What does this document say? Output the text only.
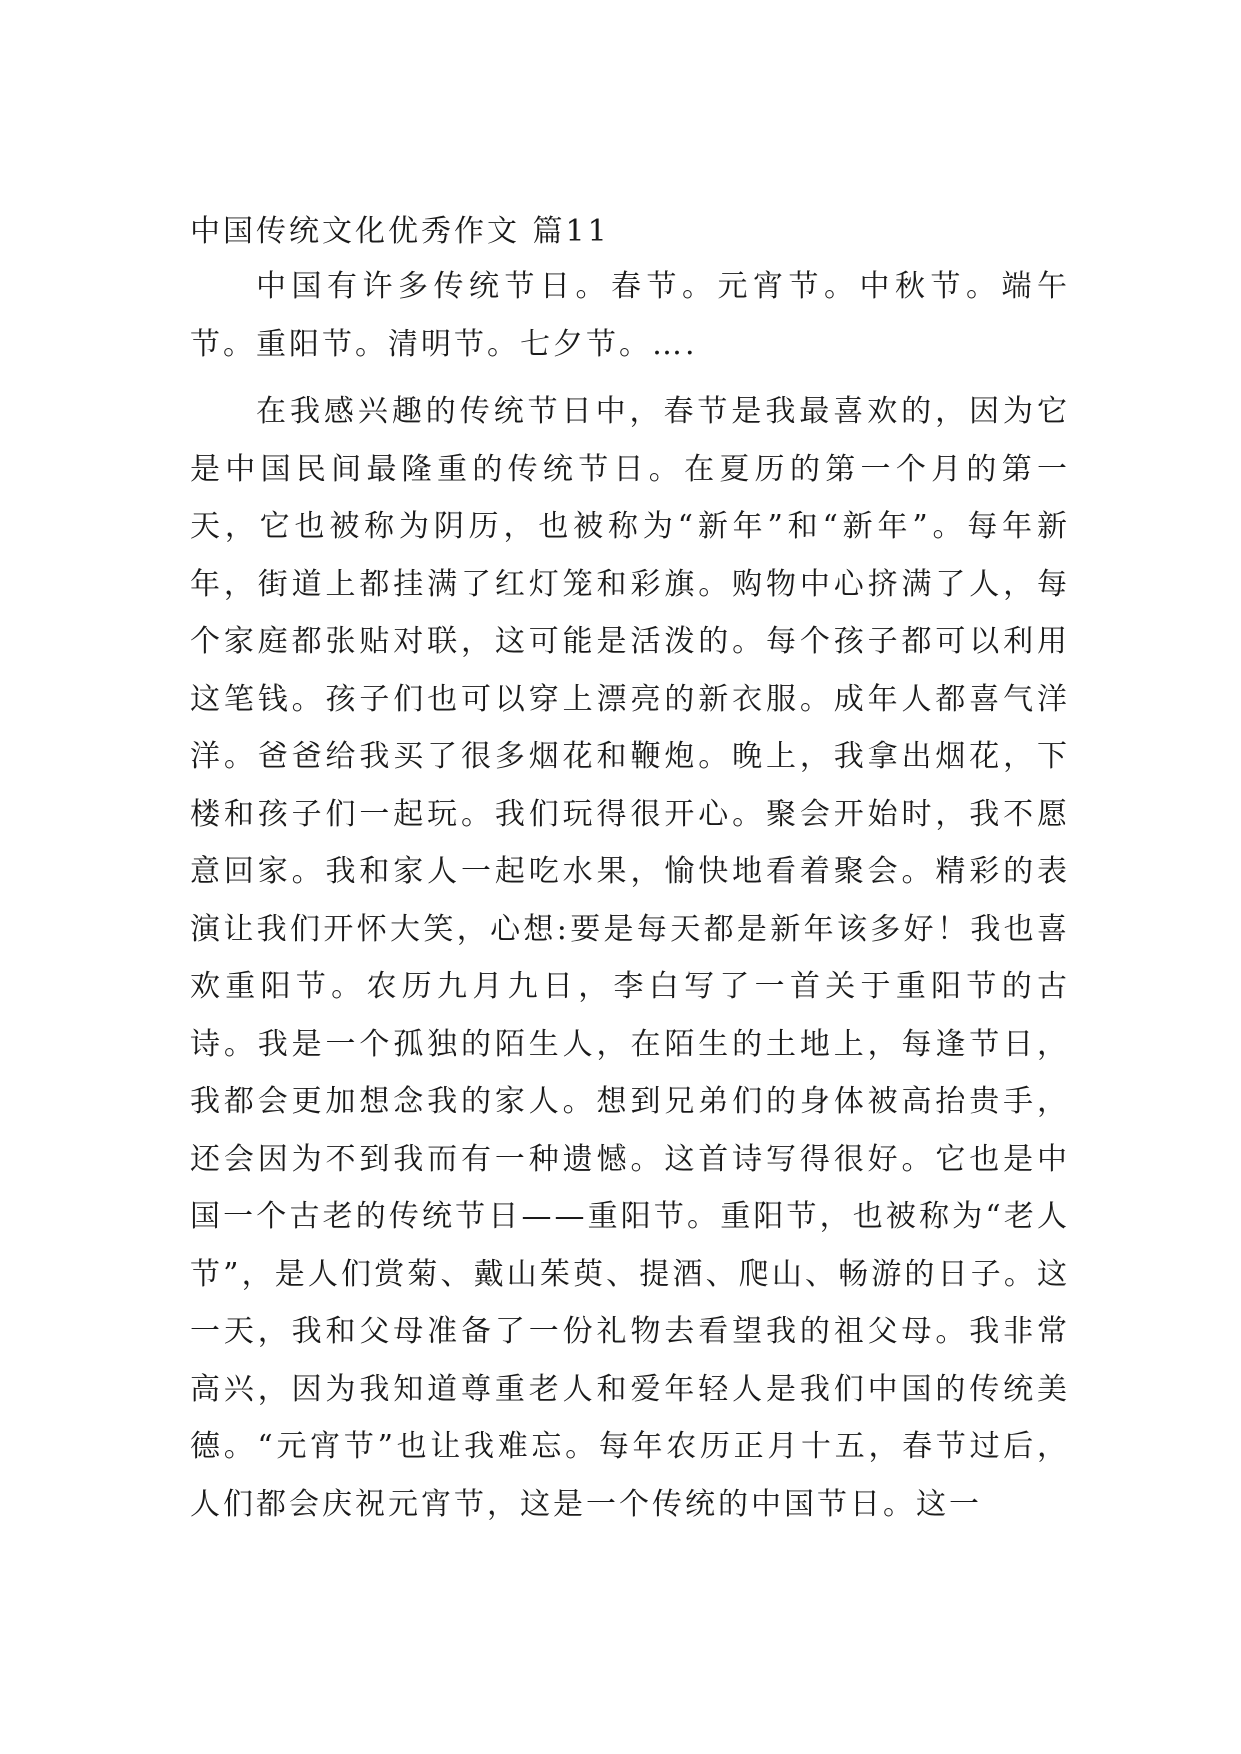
中国传统文化优秀作文 篇11

中国有许多传统节日。春节。元宵节。中秋节。端午节。重阳节。清明节。七夕节。….

在我感兴趣的传统节日中，春节是我最喜欢的，因为它是中国民间最隆重的传统节日。在夏历的第一个月的第一天，它也被称为阴历，也被称为“新年”和“新年”。每年新年，街道上都挂满了红灯笼和彩旗。购物中心挤满了人，每个家庭都张贴对联，这可能是活泼的。每个孩子都可以利用这笔钱。孩子们也可以穿上漂亮的新衣服。成年人都喜气洋洋。爸爸给我买了很多烟花和鞭炮。晚上，我拿出烟花，下楼和孩子们一起玩。我们玩得很开心。聚会开始时，我不愿意回家。我和家人一起吃水果，愉快地看着聚会。精彩的表演让我们开怀大笑，心想:要是每天都是新年该多好！我也喜欢重阳节。农历九月九日，李白写了一首关于重阳节的古诗。我是一个孤独的陌生人，在陌生的土地上，每逢节日，我都会更加想念我的家人。想到兄弟们的身体被高抬贵手，还会因为不到我而有一种遗憾。这首诗写得很好。它也是中国一个古老的传统节日——重阳节。重阳节，也被称为“老人节”，是人们赏菊、戴山茱萸、提酒、爬山、畅游的日子。这一天，我和父母准备了一份礼物去看望我的祖父母。我非常高兴，因为我知道尊重老人和爱年轻人是我们中国的传统美德。“元宵节”也让我难忘。每年农历正月十五，春节过后，人们都会庆祝元宵节，这是一个传统的中国节日。这一
